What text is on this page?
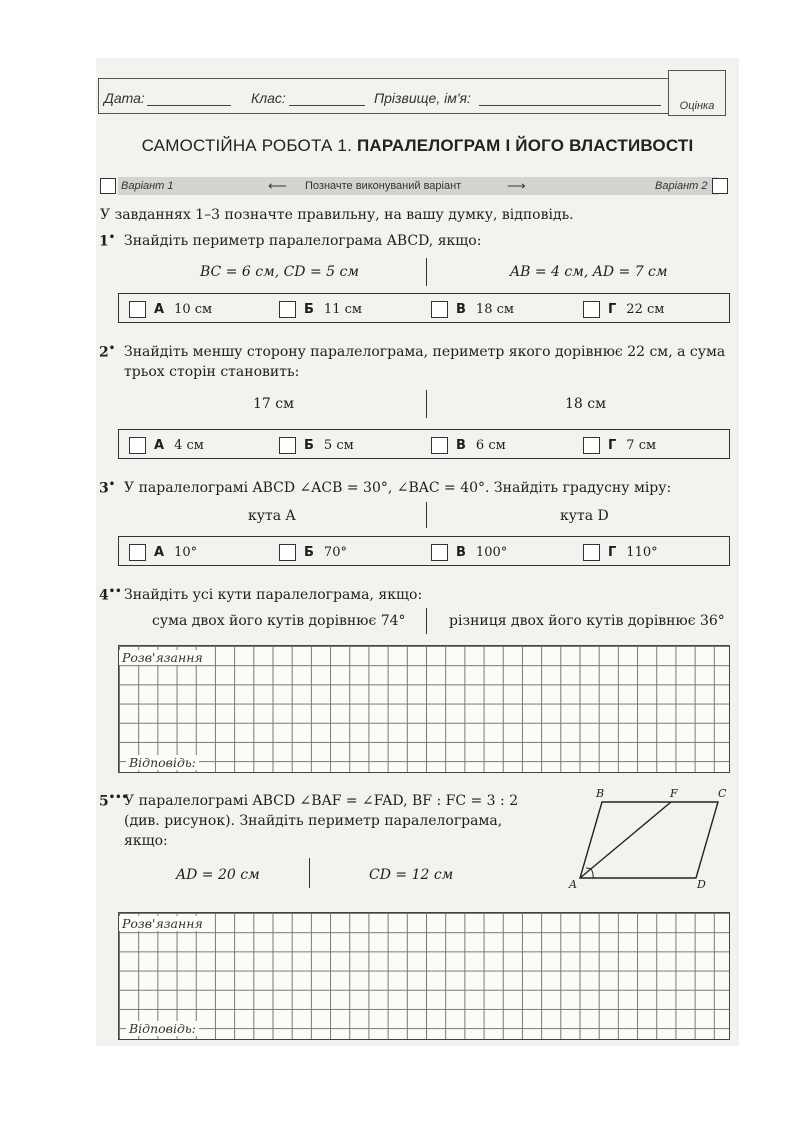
Дата:	Клас:	Прізвище, ім'я:	Оцінка
САМОСТІЙНА РОБОТА 1. ПАРАЛЕЛОГРАМ І ЙОГО ВЛАСТИВОСТІ
Варіант 1	⟵ Позначте виконуваний варіант	⟶	Варіант 2
У завданнях 1–3 позначте правильну, на вашу думку, відповідь.
1• Знайдіть периметр паралелограма ABCD, якщо:
BC = 6 см, CD = 5 см	AB = 4 см, AD = 7 см
А 10 см	Б 11 см	В 18 см	Г 22 см
2• Знайдіть меншу сторону паралелограма, периметр якого дорівнює 22 см, а сума
трьох сторін становить:
17 см	18 см
А 4 см	Б 5 см	В 6 см	Г 7 см
3• У паралелограмі ABCD ∠ACB = 30°, ∠BAC = 40°. Знайдіть градусну міру:
кута A	кута D
А 10°	Б 70°	В 100°	Г 110°
4•• Знайдіть усі кути паралелограма, якщо:
сума двох його кутів дорівнює 74°	різниця двох його кутів дорівнює 36°
Розв'язання
Відповідь:
5•••
У паралелограмі ABCD ∠BAF = ∠FAD, BF : FC = 3 : 2
(див. рисунок). Знайдіть периметр паралелограма,
якщо:
AD = 20 см	CD = 12 см
B	F	C
A	D
Розв'язання
Відповідь:
